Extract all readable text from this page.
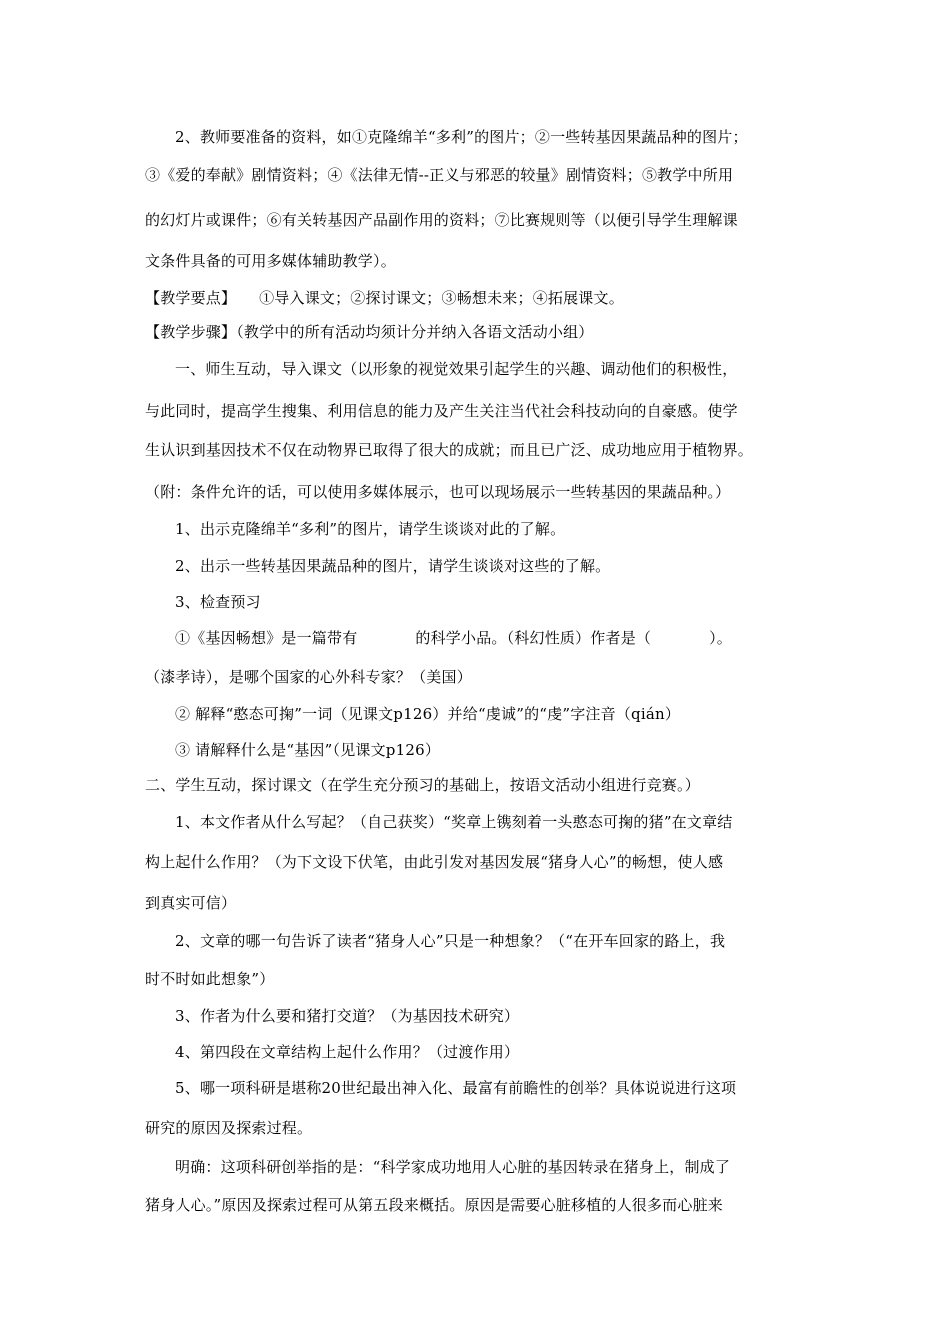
2、教师要准备的资料，如①克隆绵羊“多利”的图片；②一些转基因果蔬品种的图片；
③《爱的奉献》剧情资料；④《法律无情--正义与邪恶的较量》剧情资料；⑤教学中所用
的幻灯片或课件；⑥有关转基因产品副作用的资料；⑦比赛规则等（以便引导学生理解课
文条件具备的可用多媒体辅助教学）。
【教学要点】　　①导入课文；②探讨课文；③畅想未来；④拓展课文。
【教学步骤】（教学中的所有活动均须计分并纳入各语文活动小组）
一、师生互动，导入课文（以形象的视觉效果引起学生的兴趣、调动他们的积极性，
与此同时，提高学生搜集、利用信息的能力及产生关注当代社会科技动向的自豪感。使学
生认识到基因技术不仅在动物界已取得了很大的成就；而且已广泛、成功地应用于植物界。
（附：条件允许的话，可以使用多媒体展示，也可以现场展示一些转基因的果蔬品种。）
1、出示克隆绵羊“多利”的图片，请学生谈谈对此的了解。
2、出示一些转基因果蔬品种的图片，请学生谈谈对这些的了解。
3、检查预习
①《基因畅想》是一篇带有	的科学小品。（科幻性质）作者是（	）。
（漆孝诗），是哪个国家的心外科专家？（美国）
② 解释“憨态可掬”一词（见课文p126）并给“虔诚”的“虔”字注音（qián）
③ 请解释什么是“基因”（见课文p126）
二、学生互动，探讨课文（在学生充分预习的基础上，按语文活动小组进行竞赛。）
1、本文作者从什么写起？（自己获奖）“奖章上镌刻着一头憨态可掬的猪”在文章结
构上起什么作用？（为下文设下伏笔，由此引发对基因发展“猪身人心”的畅想，使人感
到真实可信）
2、文章的哪一句告诉了读者“猪身人心”只是一种想象？（“在开车回家的路上，我
时不时如此想象”）
3、作者为什么要和猪打交道？（为基因技术研究）
4、第四段在文章结构上起什么作用？（过渡作用）
5、哪一项科研是堪称20世纪最出神入化、最富有前瞻性的创举？具体说说进行这项
研究的原因及探索过程。
明确：这项科研创举指的是：“科学家成功地用人心脏的基因转录在猪身上，制成了
猪身人心。”原因及探索过程可从第五段来概括。原因是需要心脏移植的人很多而心脏来
